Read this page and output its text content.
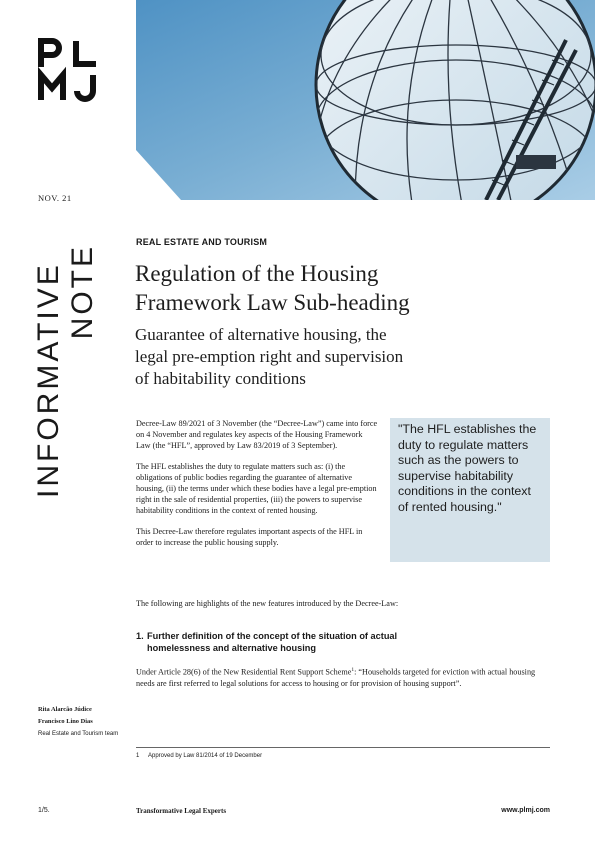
NOV. 21
INFORMATIVE NOTE
REAL ESTATE AND TOURISM
Regulation of the Housing
Framework Law Sub-heading
Guarantee of alternative housing, the
legal pre-emption right and supervision
of habitability conditions

Decree-Law 89/2021 of 3 November (the “Decree-Law”) came into force on 4 November and regulates key aspects of the Housing Framework Law (the “HFL”, approved by Law 83/2019 of 3 September).

The HFL establishes the duty to regulate matters such as: (i) the obligations of public bodies regarding the guarantee of alternative housing, (ii) the terms under which these bodies have a legal pre-emption right in the sale of residential properties, (iii) the powers to supervise habitability conditions in the context of rented housing.

This Decree-Law therefore regulates important aspects of the HFL in order to increase the public housing supply.

"The HFL establishes the duty to regulate matters such as the powers to supervise habitability conditions in the context of rented housing."
The following are highlights of the new features introduced by the Decree-Law:
1. Further definition of the concept of the situation of actual
homelessness and alternative housing
Under Article 28(6) of the New Residential Rent Support Scheme$^1$: “Households targeted for eviction with actual housing needs are first referred to legal solutions for access to housing or for provision of housing support”.
Rita Alarcão Júdice
Francisco Lino Dias
Real Estate and Tourism team
1 Approved by Law 81/2014 of 19 December
1/5.	Transformative Legal Experts	www.plmj.com
